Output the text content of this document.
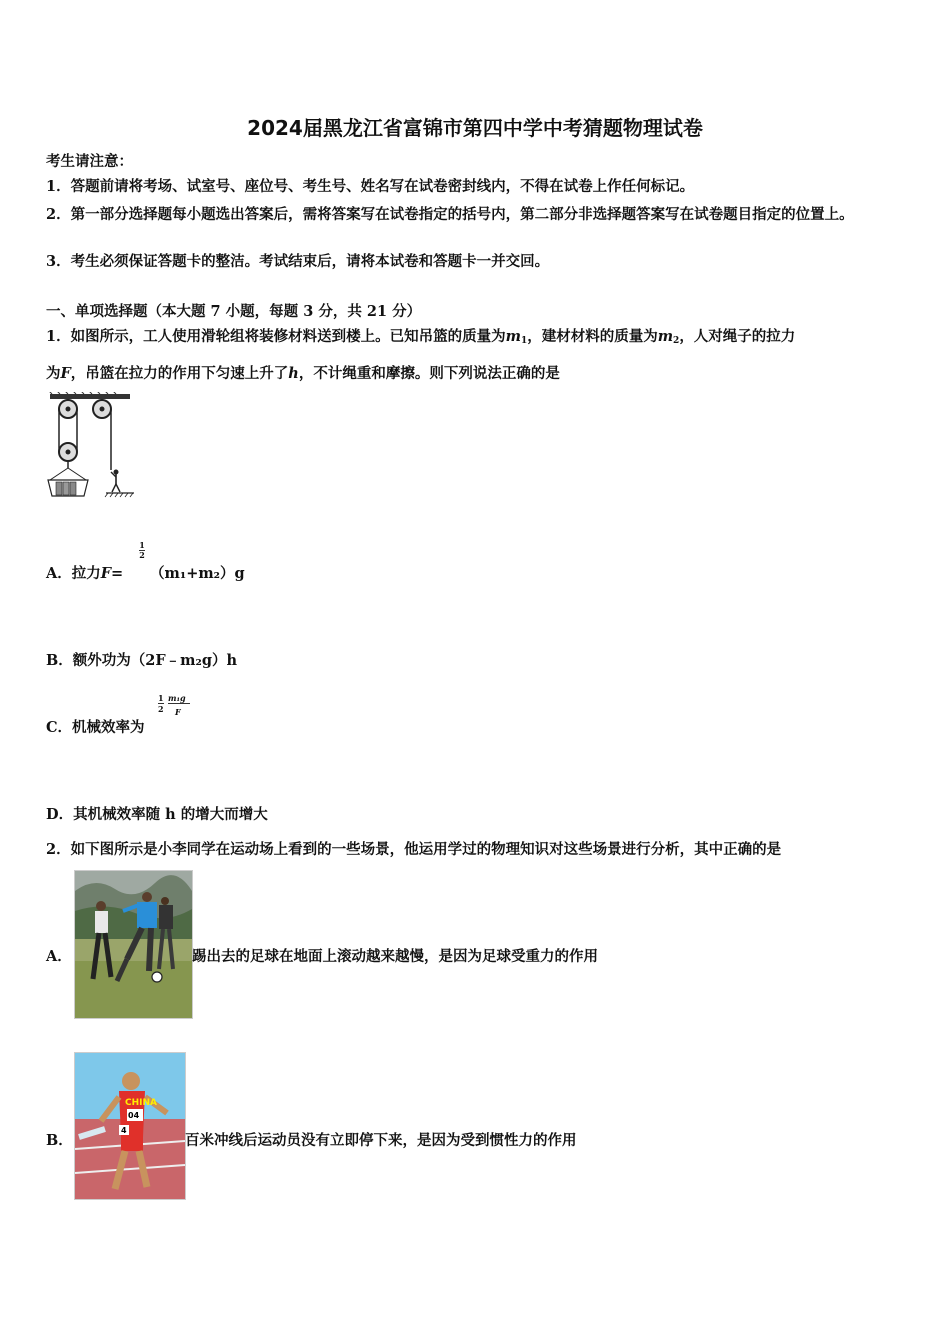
2024届黑龙江省富锦市第四中学中考猜题物理试卷
考生请注意：
1．答题前请将考场、试室号、座位号、考生号、姓名写在试卷密封线内，不得在试卷上作任何标记。
2．第一部分选择题每小题选出答案后，需将答案写在试卷指定的括号内，第二部分非选择题答案写在试卷题目指定的位置上。
3．考生必须保证答题卡的整洁。考试结束后，请将本试卷和答题卡一并交回。
一、单项选择题（本大题 7 小题，每题 3 分，共 21 分）
1．如图所示，工人使用滑轮组将装修材料送到楼上。已知吊篮的质量为$m_1$，建材材料的质量为$m_2$，人对绳子的拉力
为F，吊篮在拉力的作用下匀速上升了h，不计绳重和摩擦。则下列说法正确的是
A．拉力F=
1
2
（m₁+m₂）g
B．额外功为（2F﹣m₂g）h
C．机械效率为
1
2
m₁g
F
D．其机械效率随 h 的增大而增大
2．如下图所示是小李同学在运动场上看到的一些场景，他运用学过的物理知识对这些场景进行分析，其中正确的是
A．	踢出去的足球在地面上滚动越来越慢，是因为足球受重力的作用
B．
CHINA
04
4
百米冲线后运动员没有立即停下来，是因为受到惯性力的作用
